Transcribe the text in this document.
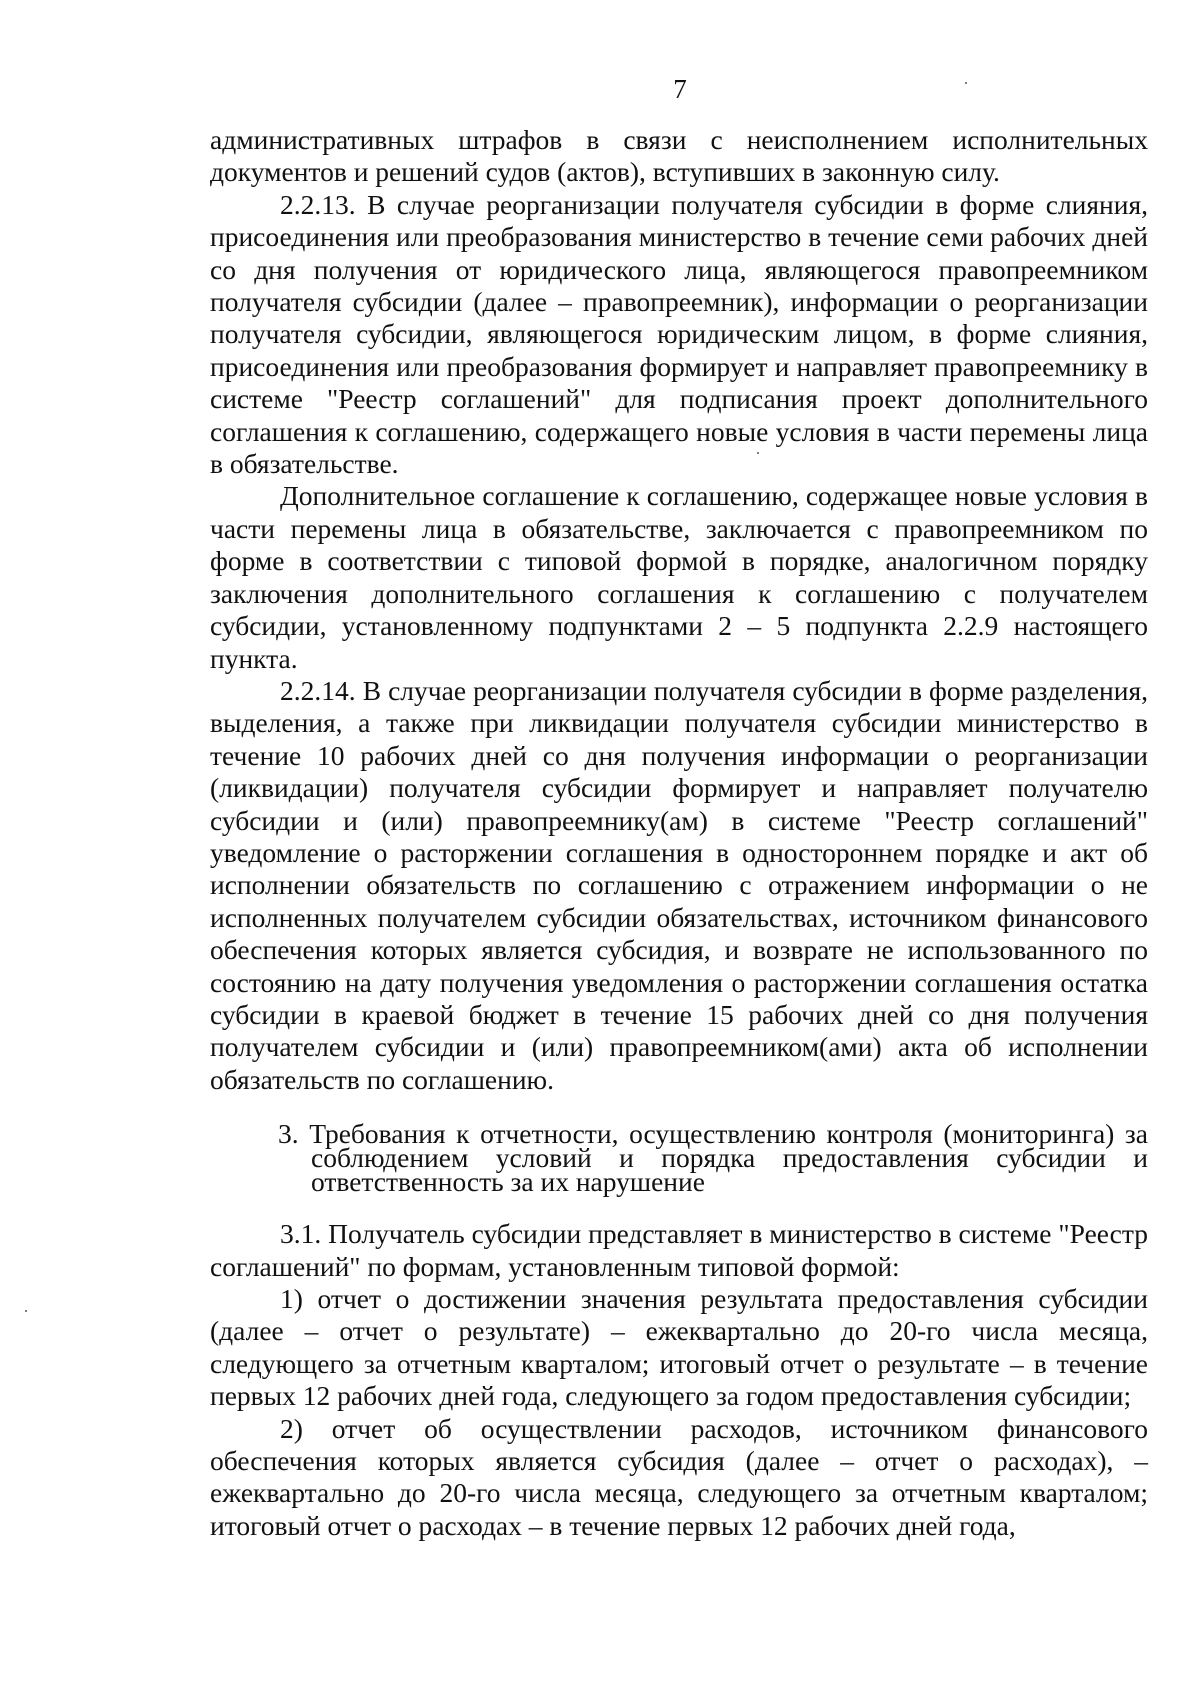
7

административных штрафов в связи с неисполнением исполнительных документов и решений судов (актов), вступивших в законную силу.

2.2.13. В случае реорганизации получателя субсидии в форме слияния, присоединения или преобразования министерство в течение семи рабочих дней со дня получения от юридического лица, являющегося правопреемником получателя субсидии (далее – правопреемник), информации о реорганизации получателя субсидии, являющегося юридическим лицом, в форме слияния, присоединения или преобразования формирует и направляет правопреемнику в системе "Реестр соглашений" для подписания проект дополнительного соглашения к соглашению, содержащего новые условия в части перемены лица в обязательстве.

Дополнительное соглашение к соглашению, содержащее новые условия в части перемены лица в обязательстве, заключается с правопреемником по форме в соответствии с типовой формой в порядке, аналогичном порядку заключения дополнительного соглашения к соглашению с получателем субсидии, установленному подпунктами 2 – 5 подпункта 2.2.9 настоящего пункта.

2.2.14. В случае реорганизации получателя субсидии в форме разделения, выделения, а также при ликвидации получателя субсидии министерство в течение 10 рабочих дней со дня получения информации о реорганизации (ликвидации) получателя субсидии формирует и направляет получателю субсидии и (или) правопреемнику(ам) в системе "Реестр соглашений" уведомление о расторжении соглашения в одностороннем порядке и акт об исполнении обязательств по соглашению с отражением информации о не исполненных получателем субсидии обязательствах, источником финансового обеспечения которых является субсидия, и возврате не использованного по состоянию на дату получения уведомления о расторжении соглашения остатка субсидии в краевой бюджет в течение 15 рабочих дней со дня получения получателем субсидии и (или) правопреемником(ами) акта об исполнении обязательств по соглашению.

3. Требования к отчетности, осуществлению контроля (мониторинга) за соблюдением условий и порядка предоставления субсидии и ответственность за их нарушение

3.1. Получатель субсидии представляет в министерство в системе "Реестр соглашений" по формам, установленным типовой формой:

1) отчет о достижении значения результата предоставления субсидии (далее – отчет о результате) – ежеквартально до 20-го числа месяца, следующего за отчетным кварталом; итоговый отчет о результате – в течение первых 12 рабочих дней года, следующего за годом предоставления субсидии;

2) отчет об осуществлении расходов, источником финансового обеспечения которых является субсидия (далее – отчет о расходах), – ежеквартально до 20-го числа месяца, следующего за отчетным кварталом; итоговый отчет о расходах – в течение первых 12 рабочих дней года,
